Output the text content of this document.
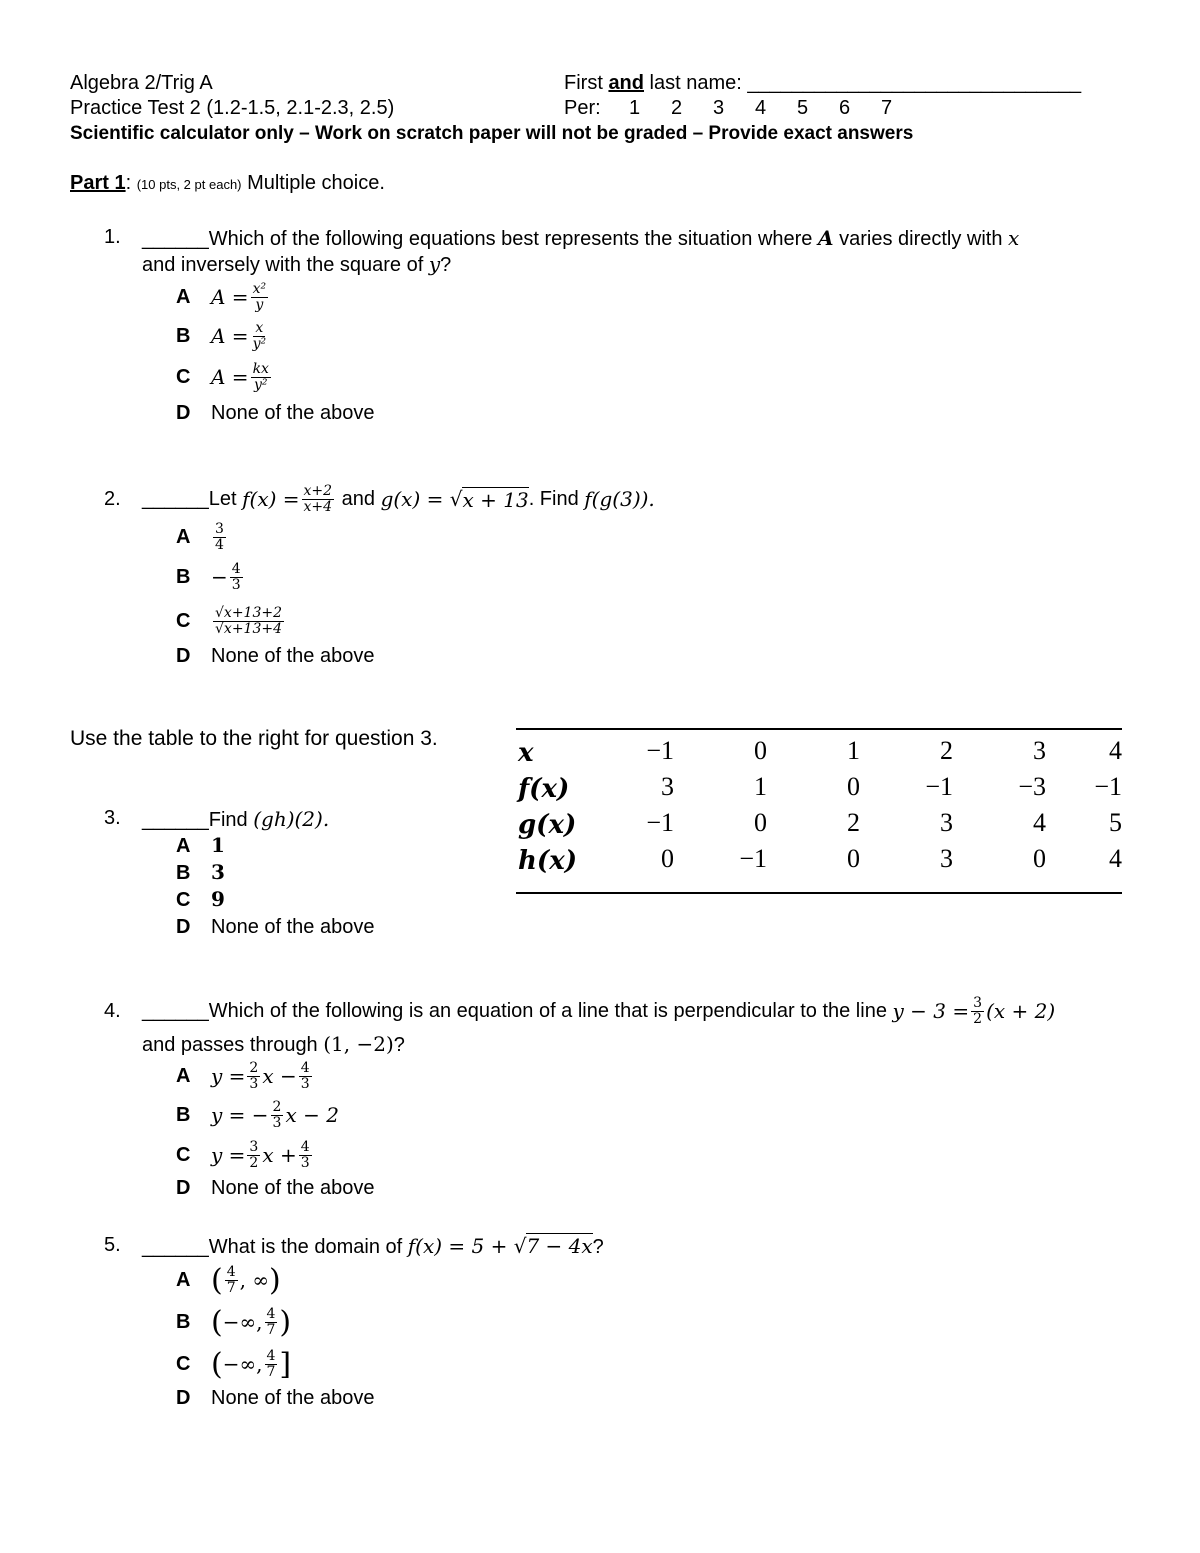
Algebra 2/Trig A
Practice Test 2 (1.2-1.5, 2.1-2.3, 2.5)
First and last name: ______________________________
Per: 1 2 3 4 5 6 7
Scientific calculator only – Work on scratch paper will not be graded – Provide exact answers
Part 1: (10 pts, 2 pt each) Multiple choice.
1. ______Which of the following equations best represents the situation where A varies directly with x
and inversely with the square of y?
A	$A = \frac{\text{x²}}{y}$
B	$A = \frac{x}{\text{y²}}$
C	$A = \frac{kx}{\text{y²}}$
D None of the above
2. ______ Let
$f(x) = \frac{x+2}{x+4}$
and
g(x) = √ x + 13 . Find
f(g(3)).
A	$\frac{3}{4}$
B	− $\frac{4}{3}$
C	$\frac{√x+13+2}{√x+13+4}$
D None of the above
Use the table to the right for question 3.	x	−1	0	1	2	3	4
f(x)	3	1	0	−1	−3	−1
g(x)	−1	0	2	3	4	5
h(x)	0	−1	0	3	0	4
3. ______Find (gh)(2).
A 1
B 3
C 9
D None of the above
4. ______ Which of the following is an equation of a line that is perpendicular to the line
$y - 3 = \frac{3}{2} (x + 2)$
and passes through (1, −2)?
A	$y = \frac{2}{3}$ $x - \frac{4}{3}$
B	y = − $\frac{2}{3}$ x − 2
C	$y = \frac{3}{2}$ $x + \frac{4}{3}$
D None of the above
5. ______What is the domain of f(x) = 5 + √7 − 4x?
A ( $\frac{4}{7}$ , ∞ )
B ( −∞, $\frac{4}{7}$ )
C ( −∞, $\frac{4}{7}$ ]
D None of the above
